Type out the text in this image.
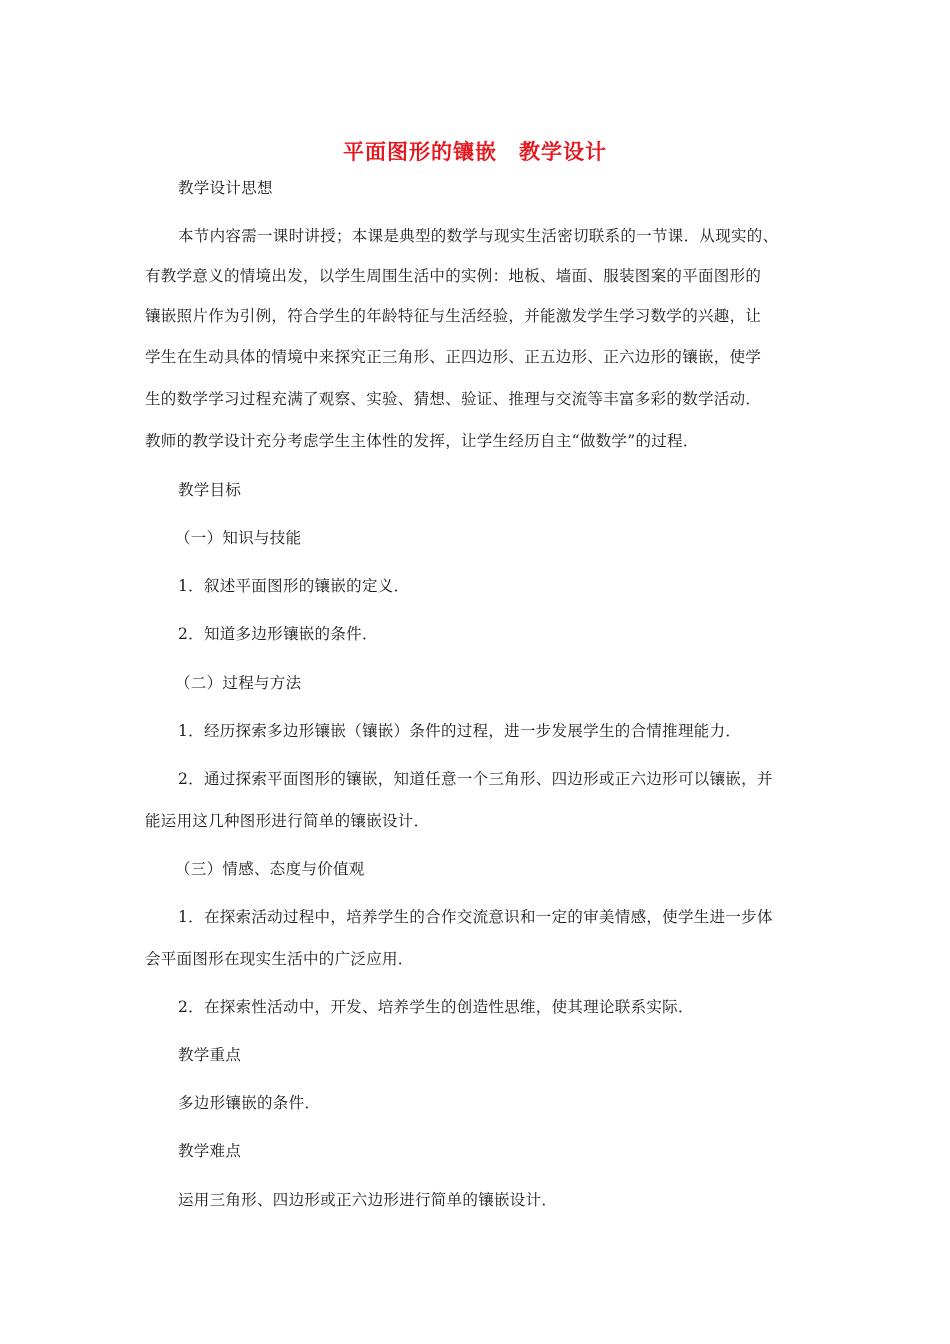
平面图形的镶嵌　教学设计
教学设计思想
本节内容需一课时讲授；本课是典型的数学与现实生活密切联系的一节课．从现实的、
有教学意义的情境出发，以学生周围生活中的实例：地板、墙面、服装图案的平面图形的
镶嵌照片作为引例，符合学生的年龄特征与生活经验，并能激发学生学习数学的兴趣，让
学生在生动具体的情境中来探究正三角形、正四边形、正五边形、正六边形的镶嵌，使学
生的数学学习过程充满了观察、实验、猜想、验证、推理与交流等丰富多彩的数学活动．
教师的教学设计充分考虑学生主体性的发挥，让学生经历自主“做数学”的过程．
教学目标
（一）知识与技能
1．叙述平面图形的镶嵌的定义．
2．知道多边形镶嵌的条件．
（二）过程与方法
1．经历探索多边形镶嵌（镶嵌）条件的过程，进一步发展学生的合情推理能力．
2．通过探索平面图形的镶嵌，知道任意一个三角形、四边形或正六边形可以镶嵌，并
能运用这几种图形进行简单的镶嵌设计．
（三）情感、态度与价值观
1．在探索活动过程中，培养学生的合作交流意识和一定的审美情感，使学生进一步体
会平面图形在现实生活中的广泛应用．
2．在探索性活动中，开发、培养学生的创造性思维，使其理论联系实际．
教学重点
多边形镶嵌的条件．
教学难点
运用三角形、四边形或正六边形进行简单的镶嵌设计．
